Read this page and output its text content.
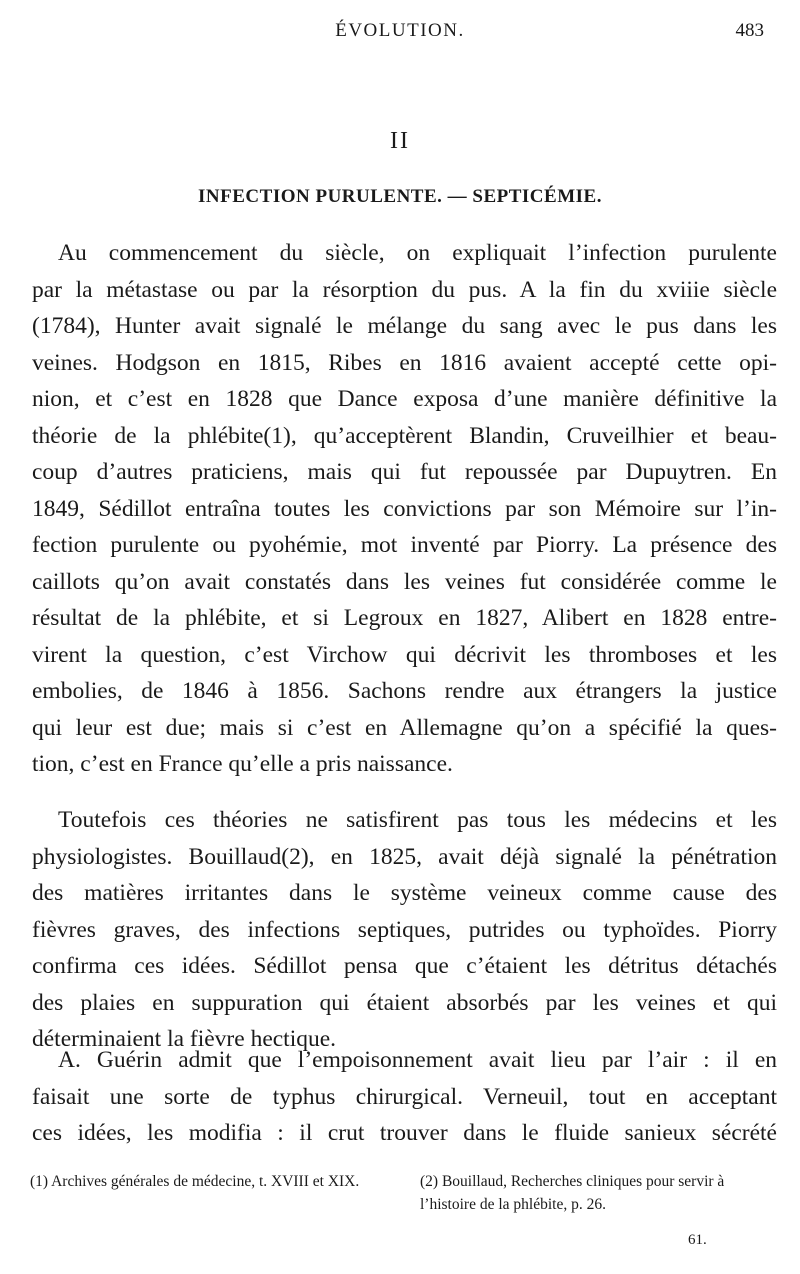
ÉVOLUTION.	483
II
INFECTION PURULENTE. — SEPTICÉMIE.
Au commencement du siècle, on expliquait l’infection purulente
par la métastase ou par la résorption du pus. A la fin du xviiie siècle
(1784), Hunter avait signalé le mélange du sang avec le pus dans les
veines. Hodgson en 1815, Ribes en 1816 avaient accepté cette opi-
nion, et c’est en 1828 que Dance exposa d’une manière définitive la
théorie de la phlébite(1), qu’acceptèrent Blandin, Cruveilhier et beau-
coup d’autres praticiens, mais qui fut repoussée par Dupuytren. En
1849, Sédillot entraîna toutes les convictions par son Mémoire sur l’in-
fection purulente ou pyohémie, mot inventé par Piorry. La présence des
caillots qu’on avait constatés dans les veines fut considérée comme le
résultat de la phlébite, et si Legroux en 1827, Alibert en 1828 entre-
virent la question, c’est Virchow qui décrivit les thromboses et les
embolies, de 1846 à 1856. Sachons rendre aux étrangers la justice
qui leur est due; mais si c’est en Allemagne qu’on a spécifié la ques-
tion, c’est en France qu’elle a pris naissance.
Toutefois ces théories ne satisfirent pas tous les médecins et les
physiologistes. Bouillaud(2), en 1825, avait déjà signalé la pénétration
des matières irritantes dans le système veineux comme cause des
fièvres graves, des infections septiques, putrides ou typhoïdes. Piorry
confirma ces idées. Sédillot pensa que c’étaient les détritus détachés
des plaies en suppuration qui étaient absorbés par les veines et qui
déterminaient la fièvre hectique.
A. Guérin admit que l’empoisonnement avait lieu par l’air : il en
faisait une sorte de typhus chirurgical. Verneuil, tout en acceptant
ces idées, les modifia : il crut trouver dans le fluide sanieux sécrété
(1) Archives générales de médecine, t. XVIII et XIX.	(2) Bouillaud, Recherches cliniques pour servir à l’histoire de la phlébite, p. 26.
61.
